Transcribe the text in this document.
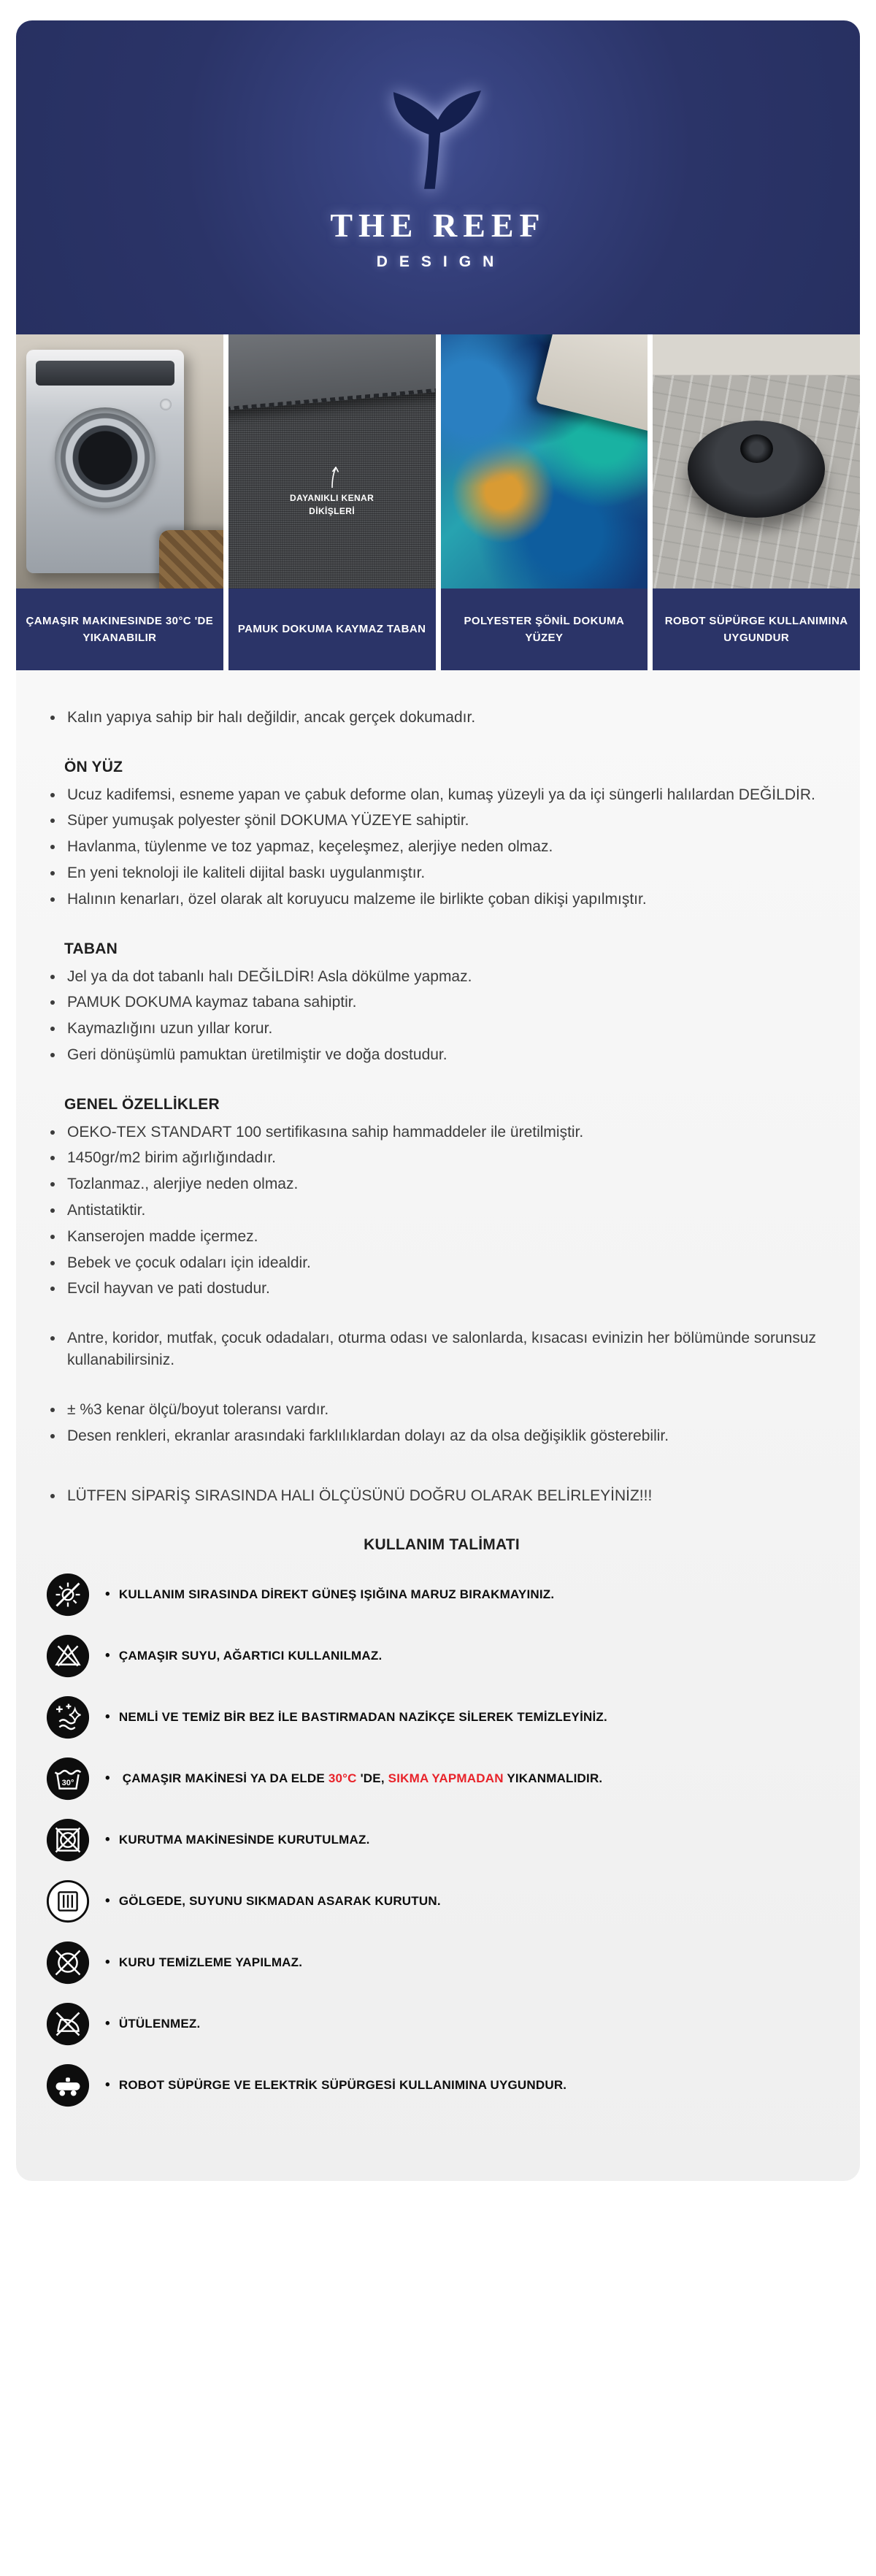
THE REEF
DESIGN
ÇAMAŞIR MAKINESINDE 30°C 'DE YIKANABILIR
DAYANIKLI KENAR DİKİŞLERİ
PAMUK DOKUMA KAYMAZ TABAN
POLYESTER ŞÖNİL DOKUMA YÜZEY
ROBOT SÜPÜRGE KULLANIMINA UYGUNDUR
• Kalın yapıya sahip bir halı değildir, ancak gerçek dokumadır.
ÖN YÜZ
• Ucuz kadifemsi, esneme yapan ve çabuk deforme olan, kumaş yüzeyli ya da içi süngerli halılardan DEĞİLDİR.
• Süper yumuşak polyester şönil DOKUMA YÜZEYE sahiptir.
• Havlanma, tüylenme ve toz yapmaz, keçeleşmez, alerjiye neden olmaz.
• En yeni teknoloji ile kaliteli dijital baskı uygulanmıştır.
• Halının kenarları, özel olarak alt koruyucu malzeme ile birlikte çoban dikişi yapılmıştır.
TABAN
• Jel ya da dot tabanlı halı DEĞİLDİR! Asla dökülme yapmaz.
• PAMUK DOKUMA kaymaz tabana sahiptir.
• Kaymazlığını uzun yıllar korur.
• Geri dönüşümlü pamuktan üretilmiştir ve doğa dostudur.
GENEL ÖZELLİKLER
• OEKO-TEX STANDART 100 sertifikasına sahip hammaddeler ile üretilmiştir.
• 1450gr/m2 birim ağırlığındadır.
• Tozlanmaz., alerjiye neden olmaz.
• Antistatiktir.
• Kanserojen madde içermez.
• Bebek ve çocuk odaları için idealdir.
• Evcil hayvan ve pati dostudur.
• Antre, koridor, mutfak, çocuk odadaları, oturma odası ve salonlarda, kısacası evinizin her bölümünde sorunsuz kullanabilirsiniz.
• ± %3 kenar ölçü/boyut toleransı vardır.
• Desen renkleri, ekranlar arasındaki farklılıklardan dolayı az da olsa değişiklik gösterebilir.
• LÜTFEN SİPARİŞ SIRASINDA HALI ÖLÇÜSÜNÜ DOĞRU OLARAK BELİRLEYİNİZ!!!
KULLANIM TALİMATI

• KULLANIM SIRASINDA DİREKT GÜNEŞ IŞIĞINA MARUZ BIRAKMAYINIZ.

• ÇAMAŞIR SUYU, AĞARTICI KULLANILMAZ.

• NEMLİ VE TEMİZ BİR BEZ İLE BASTIRMADAN NAZİKÇE SİLEREK TEMİZLEYİNİZ.

30°	• ÇAMAŞIR MAKİNESİ YA DA ELDE 30°C 'DE, SIKMA YAPMADAN YIKANMALIDIR.

• KURUTMA MAKİNESİNDE KURUTULMAZ.

• GÖLGEDE, SUYUNU SIKMADAN ASARAK KURUTUN.

• KURU TEMİZLEME YAPILMAZ.

• ÜTÜLENMEZ.

• ROBOT SÜPÜRGE VE ELEKTRİK SÜPÜRGESİ KULLANIMINA UYGUNDUR.
